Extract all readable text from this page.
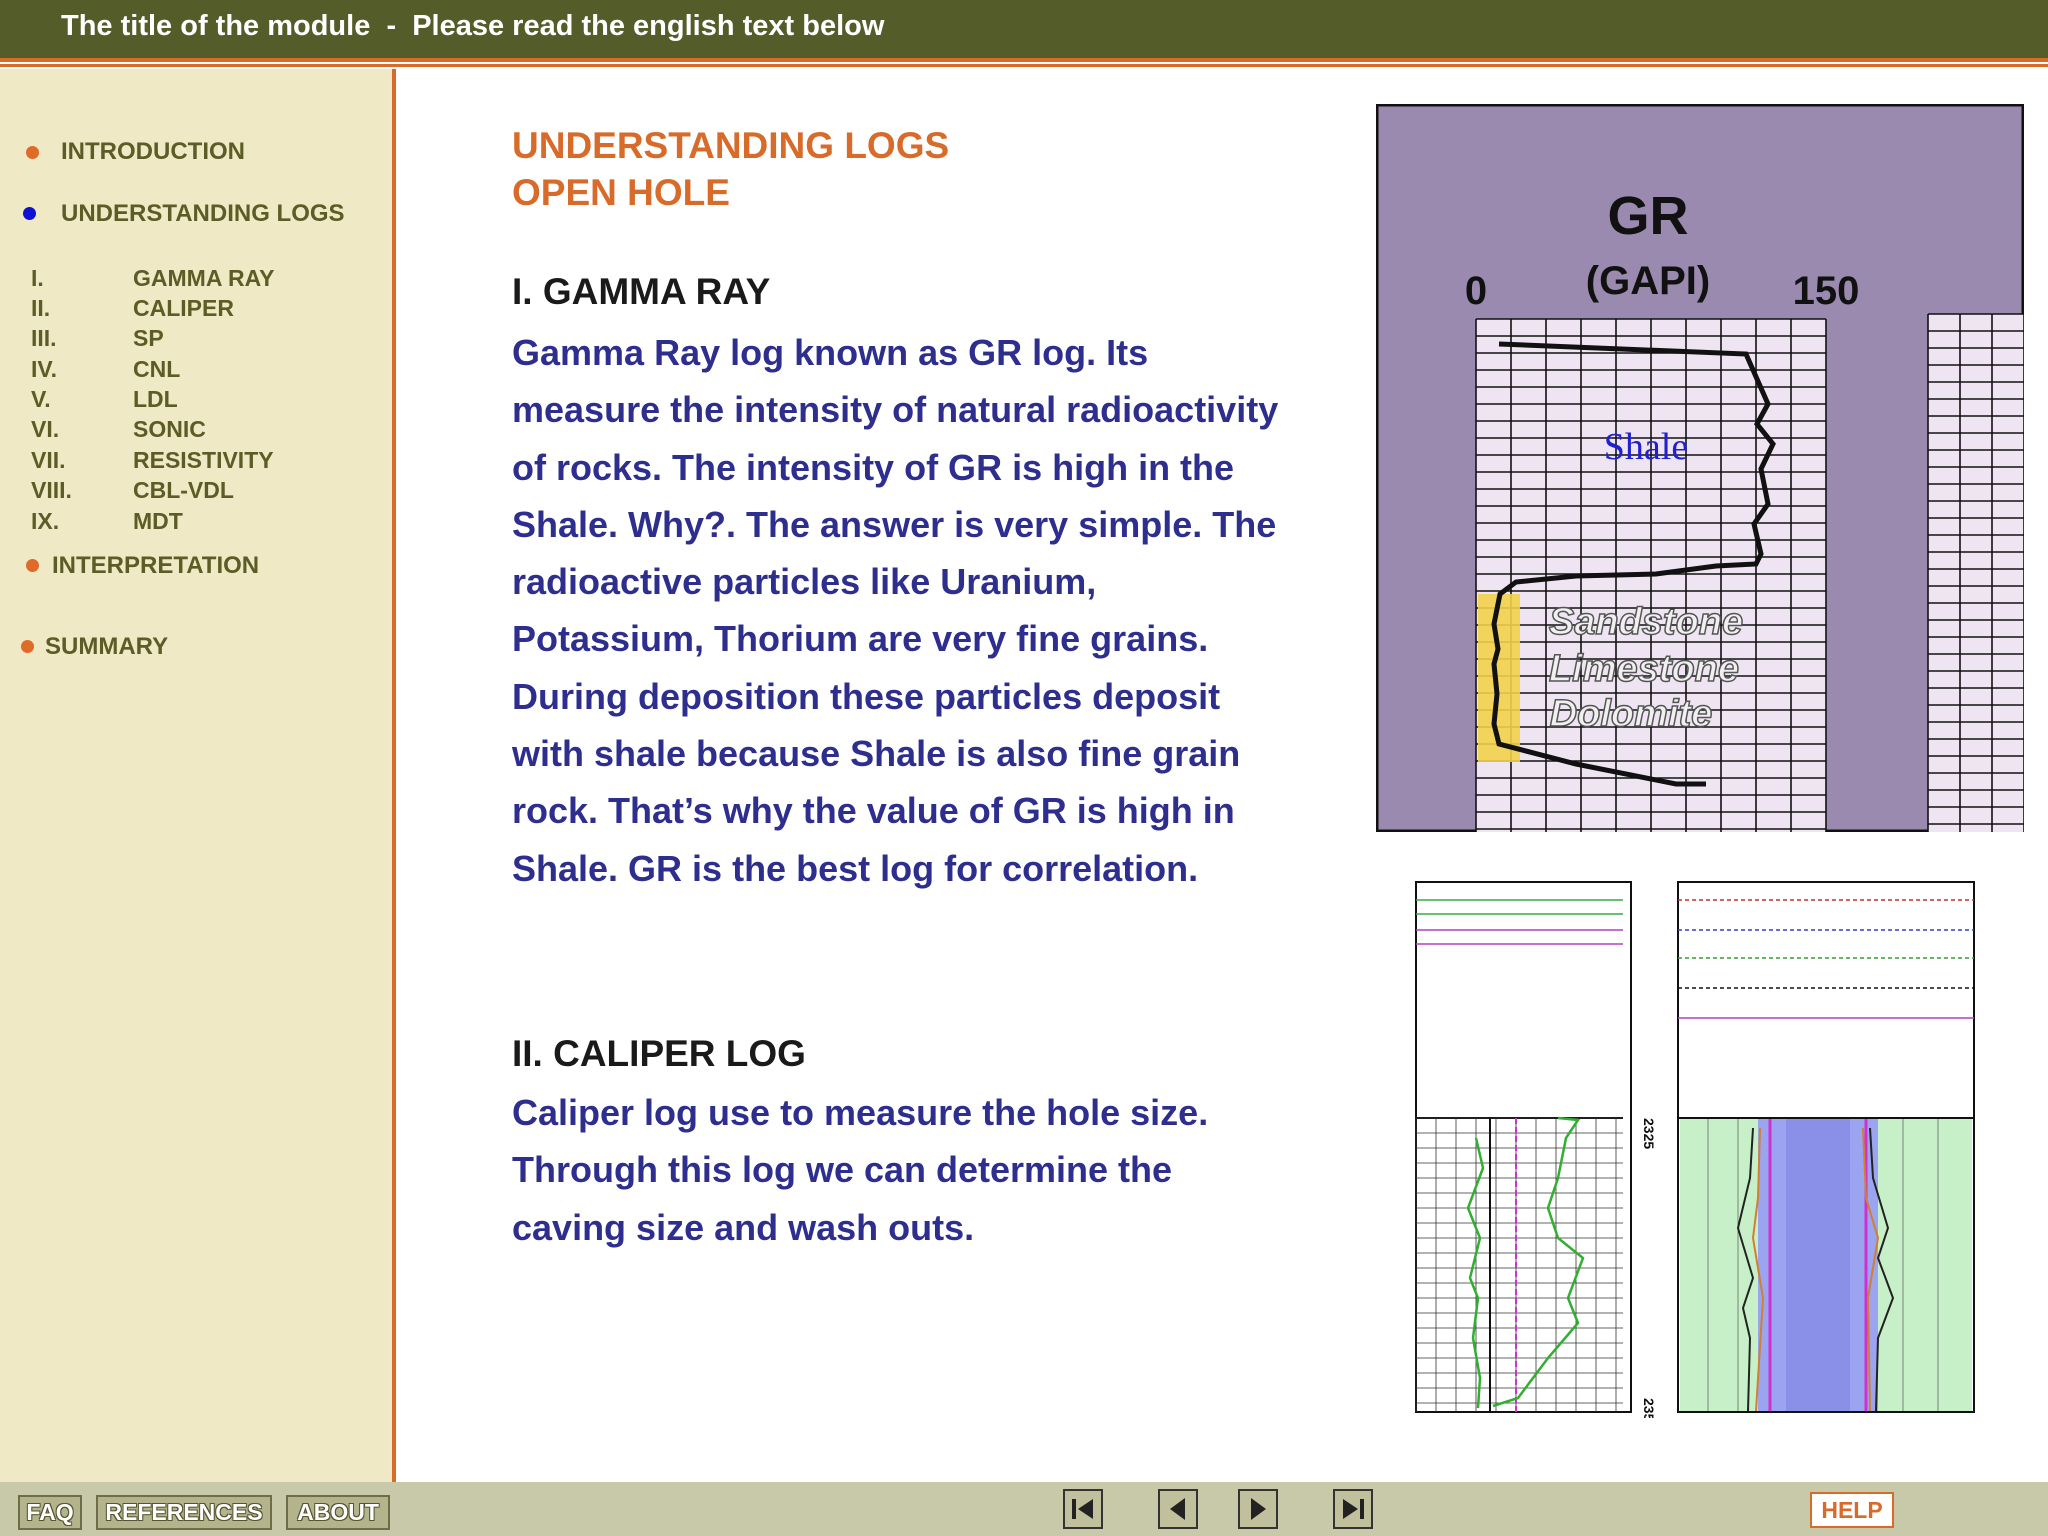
The title of the module  -  Please read the english text below
INTRODUCTION
UNDERSTANDING LOGS
I.	GAMMA RAY
II.	CALIPER
III.	SP
IV.	CNL
V.	LDL
VI.	SONIC
VII.	RESISTIVITY
VIII.	CBL-VDL
IX.	MDT
INTERPRETATION
SUMMARY
UNDERSTANDING LOGS
OPEN HOLE
I. GAMMA RAY
Gamma Ray log known as GR log. Its
measure the intensity of natural radioactivity
of rocks. The intensity of GR is high in the
Shale. Why?. The answer is very simple. The
radioactive particles like Uranium,
Potassium, Thorium are very fine grains.
During deposition these particles deposit
with shale because Shale is also fine grain
rock. That’s why the value of GR is high in
Shale. GR is the best log for correlation.
II. CALIPER LOG
Caliper log use to measure the hole size.
Through this log we can determine the
caving size and wash outs.
GR
(GAPI)
0	150
Shale
Sandstone
Limestone
Dolomite
2325
2350
FAQ	REFERENCES	ABOUT	HELP
